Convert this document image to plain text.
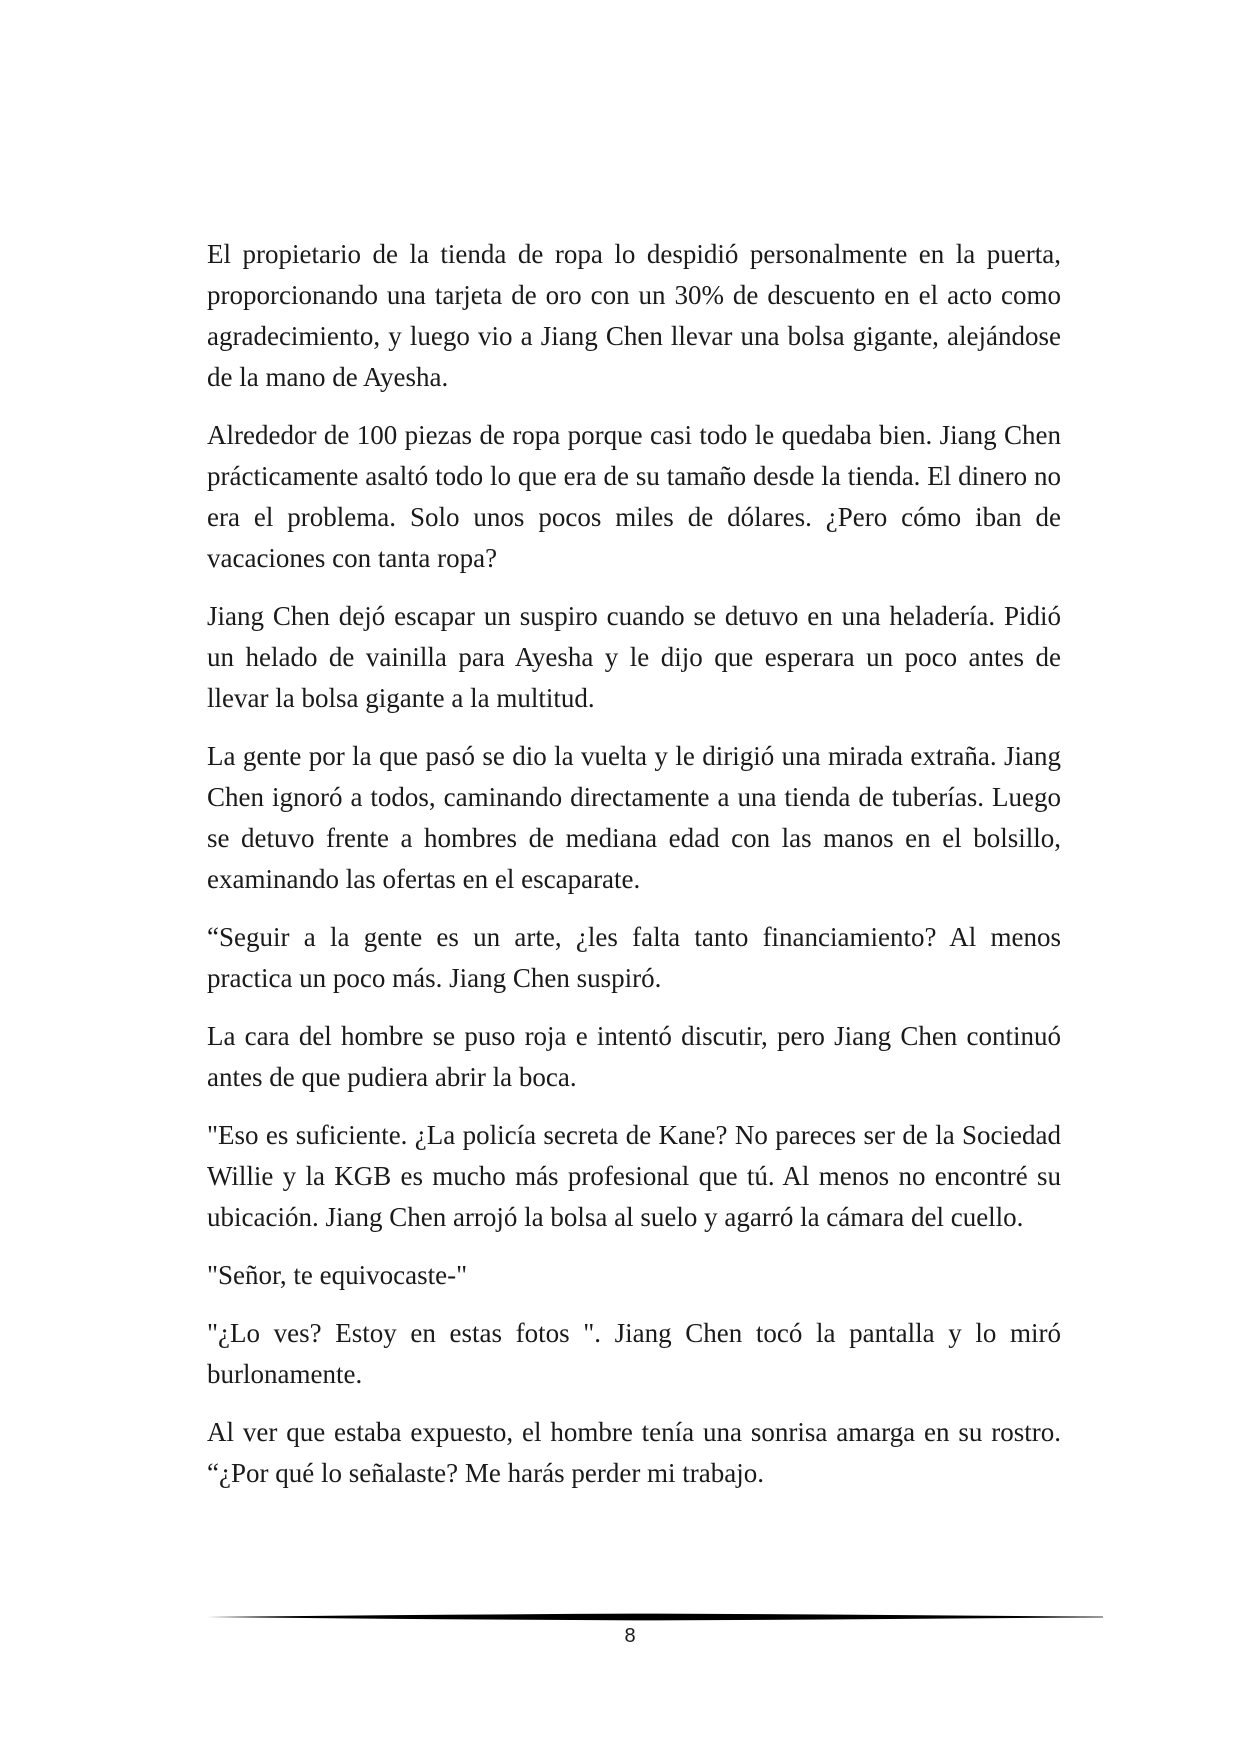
El propietario de la tienda de ropa lo despidió personalmente en la puerta, proporcionando una tarjeta de oro con un 30% de descuento en el acto como agradecimiento, y luego vio a Jiang Chen llevar una bolsa gigante, alejándose de la mano de Ayesha.

Alrededor de 100 piezas de ropa porque casi todo le quedaba bien. Jiang Chen prácticamente asaltó todo lo que era de su tamaño desde la tienda. El dinero no era el problema. Solo unos pocos miles de dólares. ¿Pero cómo iban de vacaciones con tanta ropa?

Jiang Chen dejó escapar un suspiro cuando se detuvo en una heladería. Pidió un helado de vainilla para Ayesha y le dijo que esperara un poco antes de llevar la bolsa gigante a la multitud.

La gente por la que pasó se dio la vuelta y le dirigió una mirada extraña. Jiang Chen ignoró a todos, caminando directamente a una tienda de tuberías. Luego se detuvo frente a hombres de mediana edad con las manos en el bolsillo, examinando las ofertas en el escaparate.

“Seguir a la gente es un arte, ¿les falta tanto financiamiento? Al menos practica un poco más. Jiang Chen suspiró.

La cara del hombre se puso roja e intentó discutir, pero Jiang Chen continuó antes de que pudiera abrir la boca.

"Eso es suficiente. ¿La policía secreta de Kane? No pareces ser de la Sociedad Willie y la KGB es mucho más profesional que tú. Al menos no encontré su ubicación. Jiang Chen arrojó la bolsa al suelo y agarró la cámara del cuello.

"Señor, te equivocaste-"

"¿Lo ves? Estoy en estas fotos ". Jiang Chen tocó la pantalla y lo miró burlonamente.

Al ver que estaba expuesto, el hombre tenía una sonrisa amarga en su rostro. “¿Por qué lo señalaste? Me harás perder mi trabajo.

8
